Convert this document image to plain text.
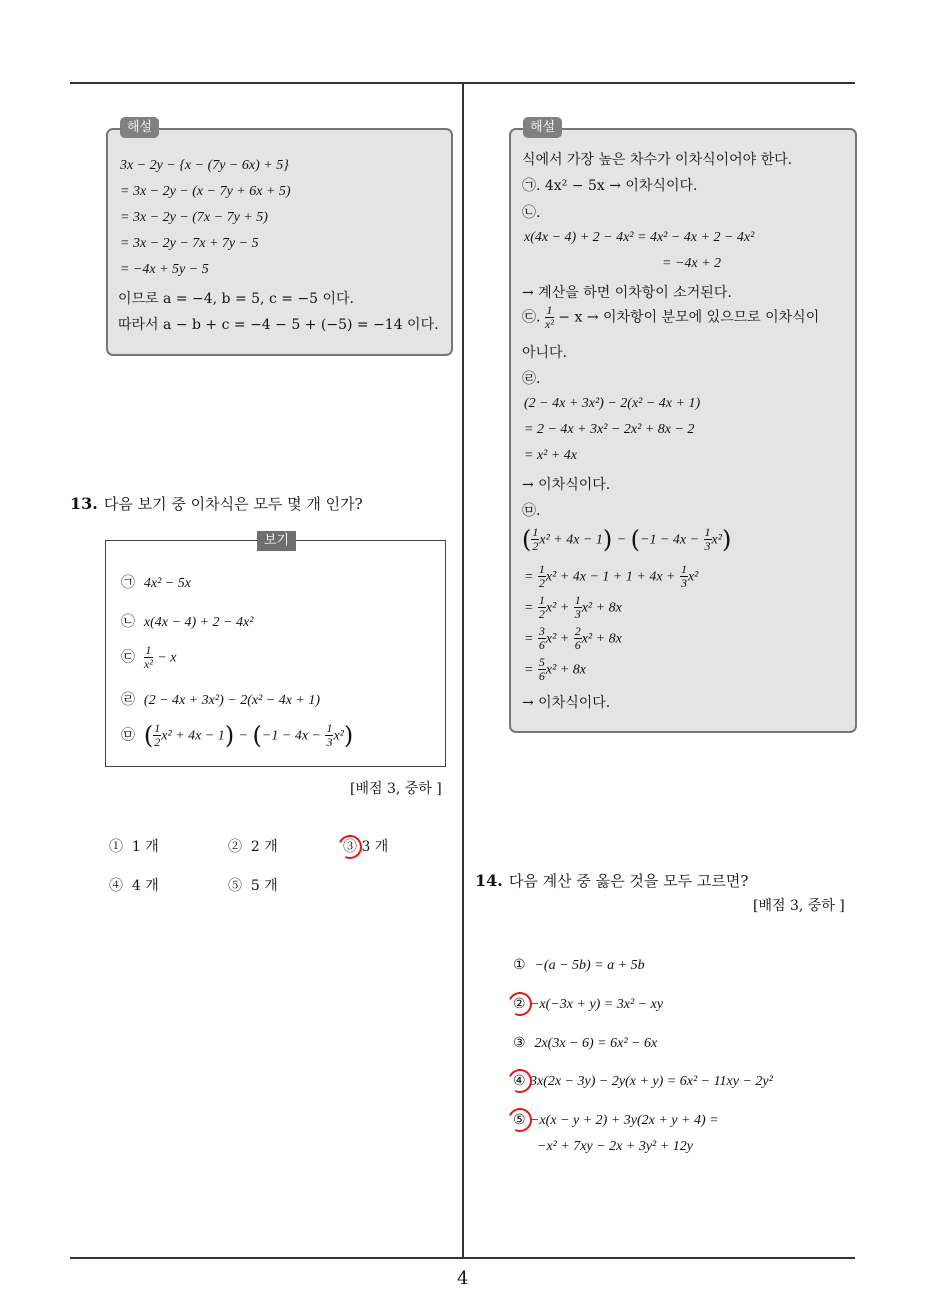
해설
3x − 2y − {x − (7y − 6x) + 5}
= 3x − 2y − (x − 7y + 6x + 5)
= 3x − 2y − (7x − 7y + 5)
= 3x − 2y − 7x + 7y − 5
= −4x + 5y − 5
이므로 a = −4, b = 5, c = −5 이다.
따라서 a − b + c = −4 − 5 + (−5) = −14 이다.
13. 다음 보기 중 이차식은 모두 몇 개 인가?
보기
㉠ 4x² − 5x
㉡ x(4x − 4) + 2 − 4x²
㉢ $\frac{1}{\text{x²}} - x$
㉣ (2 − 4x + 3x²) − 2(x² − 4x + 1)
㉤ ( $\frac{1}{2} x^2 + 4x - 1) - (-1 - 4x - \frac{1}{3} x^2)$
[배점 3, 중하 ]
① 1 개	② 2 개	③ 3 개
④ 4 개	⑤ 5 개
해설
식에서 가장 높은 차수가 이차식이어야 한다.
㉠. 4x² − 5x → 이차식이다.
㉡.
x(4x − 4) + 2 − 4x² = 4x² − 4x + 2 − 4x²
= −4x + 2
→ 계산을 하면 이차항이 소거된다.
㉢. $\frac{1}{\text{x²}} - x$ → 이차항이 분모에 있으므로 이차식이
아니다.
㉣.
(2 − 4x + 3x²) − 2(x² − 4x + 1)
= 2 − 4x + 3x² − 2x² + 8x − 2
= x² + 4x
→ 이차식이다.
㉤.
( $\frac{1}{2} x^2 + 4x - 1) - (-1 - 4x - \frac{1}{3} x^2)$
= $\frac{1}{2} x^2 + 4x - 1 + 1 + 4x + \frac{1}{3} x^2$
= $\frac{1}{2} x^2 + \frac{1}{3} x^2 + 8x$
= $\frac{3}{6} x^2 + \frac{2}{6} x^2 + 8x$
= $\frac{5}{6} x^2 + 8x$
→ 이차식이다.
14. 다음 계산 중 옳은 것을 모두 고르면?
[배점 3, 중하 ]
① −(a − 5b) = a + 5b
② −x(−3x + y) = 3x² − xy
③ 2x(3x − 6) = 6x² − 6x
④ 3x(2x − 3y) − 2y(x + y) = 6x² − 11xy − 2y²
⑤ −x(x − y + 2) + 3y(2x + y + 4) =
−x² + 7xy − 2x + 3y² + 12y
4
